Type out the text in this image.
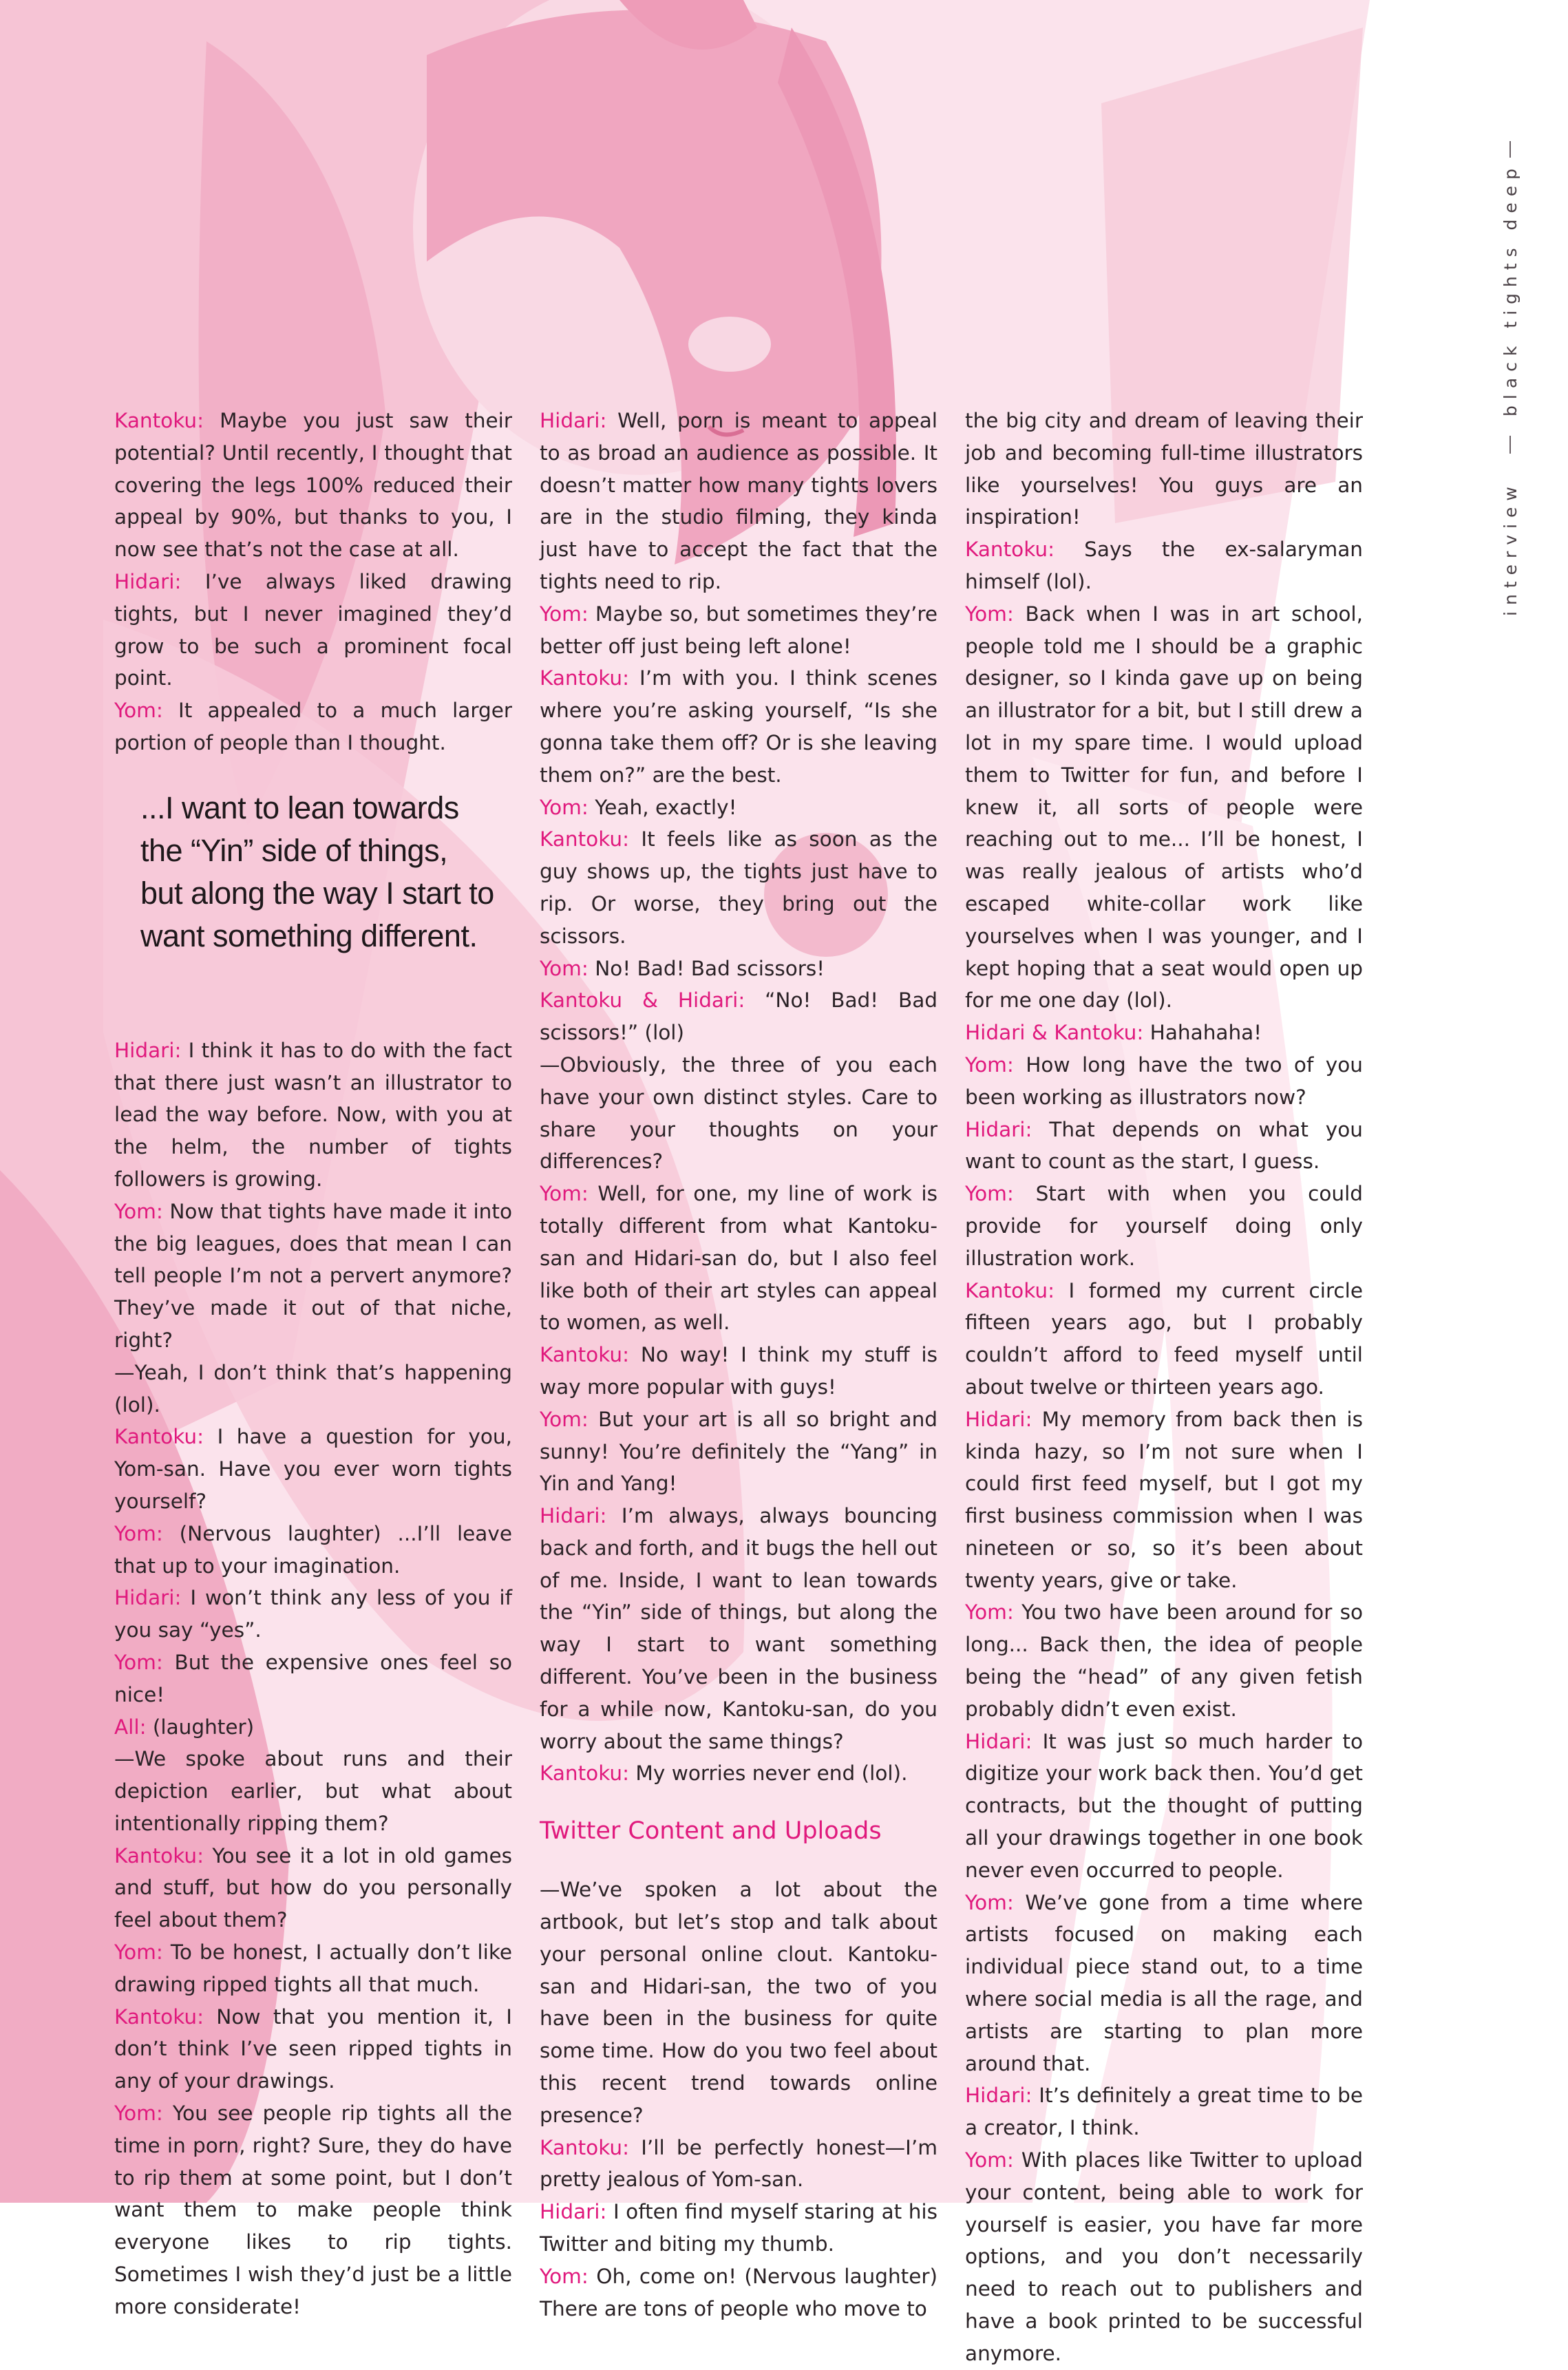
black tights deep
interview

Kantoku: Maybe you just saw their potential? Until recently, I thought that covering the legs 100% reduced their appeal by 90%, but thanks to you, I now see that’s not the case at all.

Hidari: I’ve always liked drawing tights, but I never imagined they’d grow to be such a prominent focal point.

Yom: It appealed to a much larger portion of people than I thought.

...I want to lean towards
the “Yin” side of things,
but along the way I start to
want something different.

Hidari: I think it has to do with the fact that there just wasn’t an illustrator to lead the way before. Now, with you at the helm, the number of tights followers is growing.

Yom: Now that tights have made it into the big leagues, does that mean I can tell people I’m not a pervert anymore? They’ve made it out of that niche, right?

—Yeah, I don’t think that’s happening (lol).

Kantoku: I have a question for you, Yom-san. Have you ever worn tights yourself?

Yom: (Nervous laughter) ...I’ll leave that up to your imagination.

Hidari: I won’t think any less of you if you say “yes”.

Yom: But the expensive ones feel so nice!

All: (laughter)

—We spoke about runs and their depiction earlier, but what about intentionally ripping them?

Kantoku: You see it a lot in old games and stuff, but how do you personally feel about them?

Yom: To be honest, I actually don’t like drawing ripped tights all that much.

Kantoku: Now that you mention it, I don’t think I’ve seen ripped tights in any of your drawings.

Yom: You see people rip tights all the time in porn, right? Sure, they do have to rip them at some point, but I don’t want them to make people think everyone likes to rip tights. Sometimes I wish they’d just be a little more considerate!

Hidari: Well, porn is meant to appeal to as broad an audience as possible. It doesn’t matter how many tights lovers are in the studio filming, they kinda just have to accept the fact that the tights need to rip.

Yom: Maybe so, but sometimes they’re better off just being left alone!

Kantoku: I’m with you. I think scenes where you’re asking yourself, “Is she gonna take them off? Or is she leaving them on?” are the best.

Yom: Yeah, exactly!

Kantoku: It feels like as soon as the guy shows up, the tights just have to rip. Or worse, they bring out the scissors.

Yom: No! Bad! Bad scissors!

Kantoku & Hidari: “No! Bad! Bad scissors!” (lol)

—Obviously, the three of you each have your own distinct styles. Care to share your thoughts on your differences?

Yom: Well, for one, my line of work is totally different from what Kantoku-san and Hidari-san do, but I also feel like both of their art styles can appeal to women, as well.

Kantoku: No way! I think my stuff is way more popular with guys!

Yom: But your art is all so bright and sunny! You’re definitely the “Yang” in Yin and Yang!

Hidari: I’m always, always bouncing back and forth, and it bugs the hell out of me. Inside, I want to lean towards the “Yin” side of things, but along the way I start to want something different. You’ve been in the business for a while now, Kantoku-san, do you worry about the same things?

Kantoku: My worries never end (lol).

Twitter Content and Uploads

—We’ve spoken a lot about the artbook, but let’s stop and talk about your personal online clout. Kantoku-san and Hidari-san, the two of you have been in the business for quite some time. How do you two feel about this recent trend towards online presence?

Kantoku: I’ll be perfectly honest—I’m pretty jealous of Yom-san.

Hidari: I often find myself staring at his Twitter and biting my thumb.

Yom: Oh, come on! (Nervous laughter) There are tons of people who move to

the big city and dream of leaving their job and becoming full-time illustrators like yourselves! You guys are an inspiration!

Kantoku: Says the ex-salaryman himself (lol).

Yom: Back when I was in art school, people told me I should be a graphic designer, so I kinda gave up on being an illustrator for a bit, but I still drew a lot in my spare time. I would upload them to Twitter for fun, and before I knew it, all sorts of people were reaching out to me... I’ll be honest, I was really jealous of artists who’d escaped white-collar work like yourselves when I was younger, and I kept hoping that a seat would open up for me one day (lol).

Hidari & Kantoku: Hahahaha!

Yom: How long have the two of you been working as illustrators now?

Hidari: That depends on what you want to count as the start, I guess.

Yom: Start with when you could provide for yourself doing only illustration work.

Kantoku: I formed my current circle fifteen years ago, but I probably couldn’t afford to feed myself until about twelve or thirteen years ago.

Hidari: My memory from back then is kinda hazy, so I’m not sure when I could first feed myself, but I got my first business commission when I was nineteen or so, so it’s been about twenty years, give or take.

Yom: You two have been around for so long... Back then, the idea of people being the “head” of any given fetish probably didn’t even exist.

Hidari: It was just so much harder to digitize your work back then. You’d get contracts, but the thought of putting all your drawings together in one book never even occurred to people.

Yom: We’ve gone from a time where artists focused on making each individual piece stand out, to a time where social media is all the rage, and artists are starting to plan more around that.

Hidari: It’s definitely a great time to be a creator, I think.

Yom: With places like Twitter to upload your content, being able to work for yourself is easier, you have far more options, and you don’t necessarily need to reach out to publishers and have a book printed to be successful anymore.
